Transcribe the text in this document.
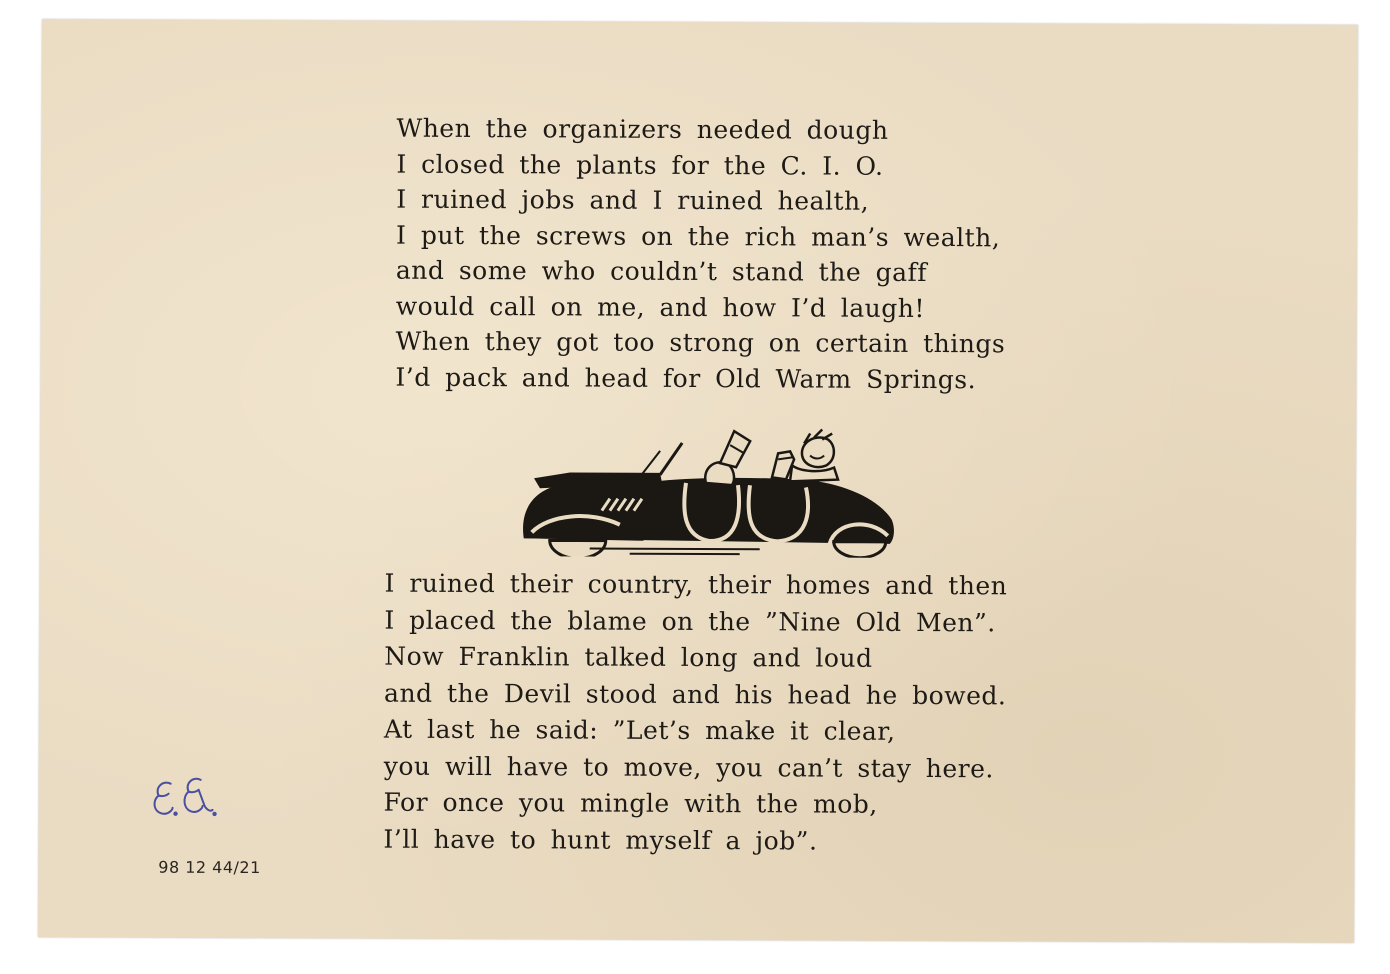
When the organizers needed dough
I closed the plants for the C. I. O.
I ruined jobs and I ruined health,
I put the screws on the rich man’s wealth,
and some who couldn’t stand the gaff
would call on me, and how I’d laugh!
When they got too strong on certain things
I’d pack and head for Old Warm Springs.
I ruined their country, their homes and then
I placed the blame on the ”Nine Old Men”.
Now Franklin talked long and loud
and the Devil stood and his head he bowed.
At last he said: ”Let’s make it clear,
you will have to move, you can’t stay here.
For once you mingle with the mob,
I’ll have to hunt myself a job”.
98 12 44/21
